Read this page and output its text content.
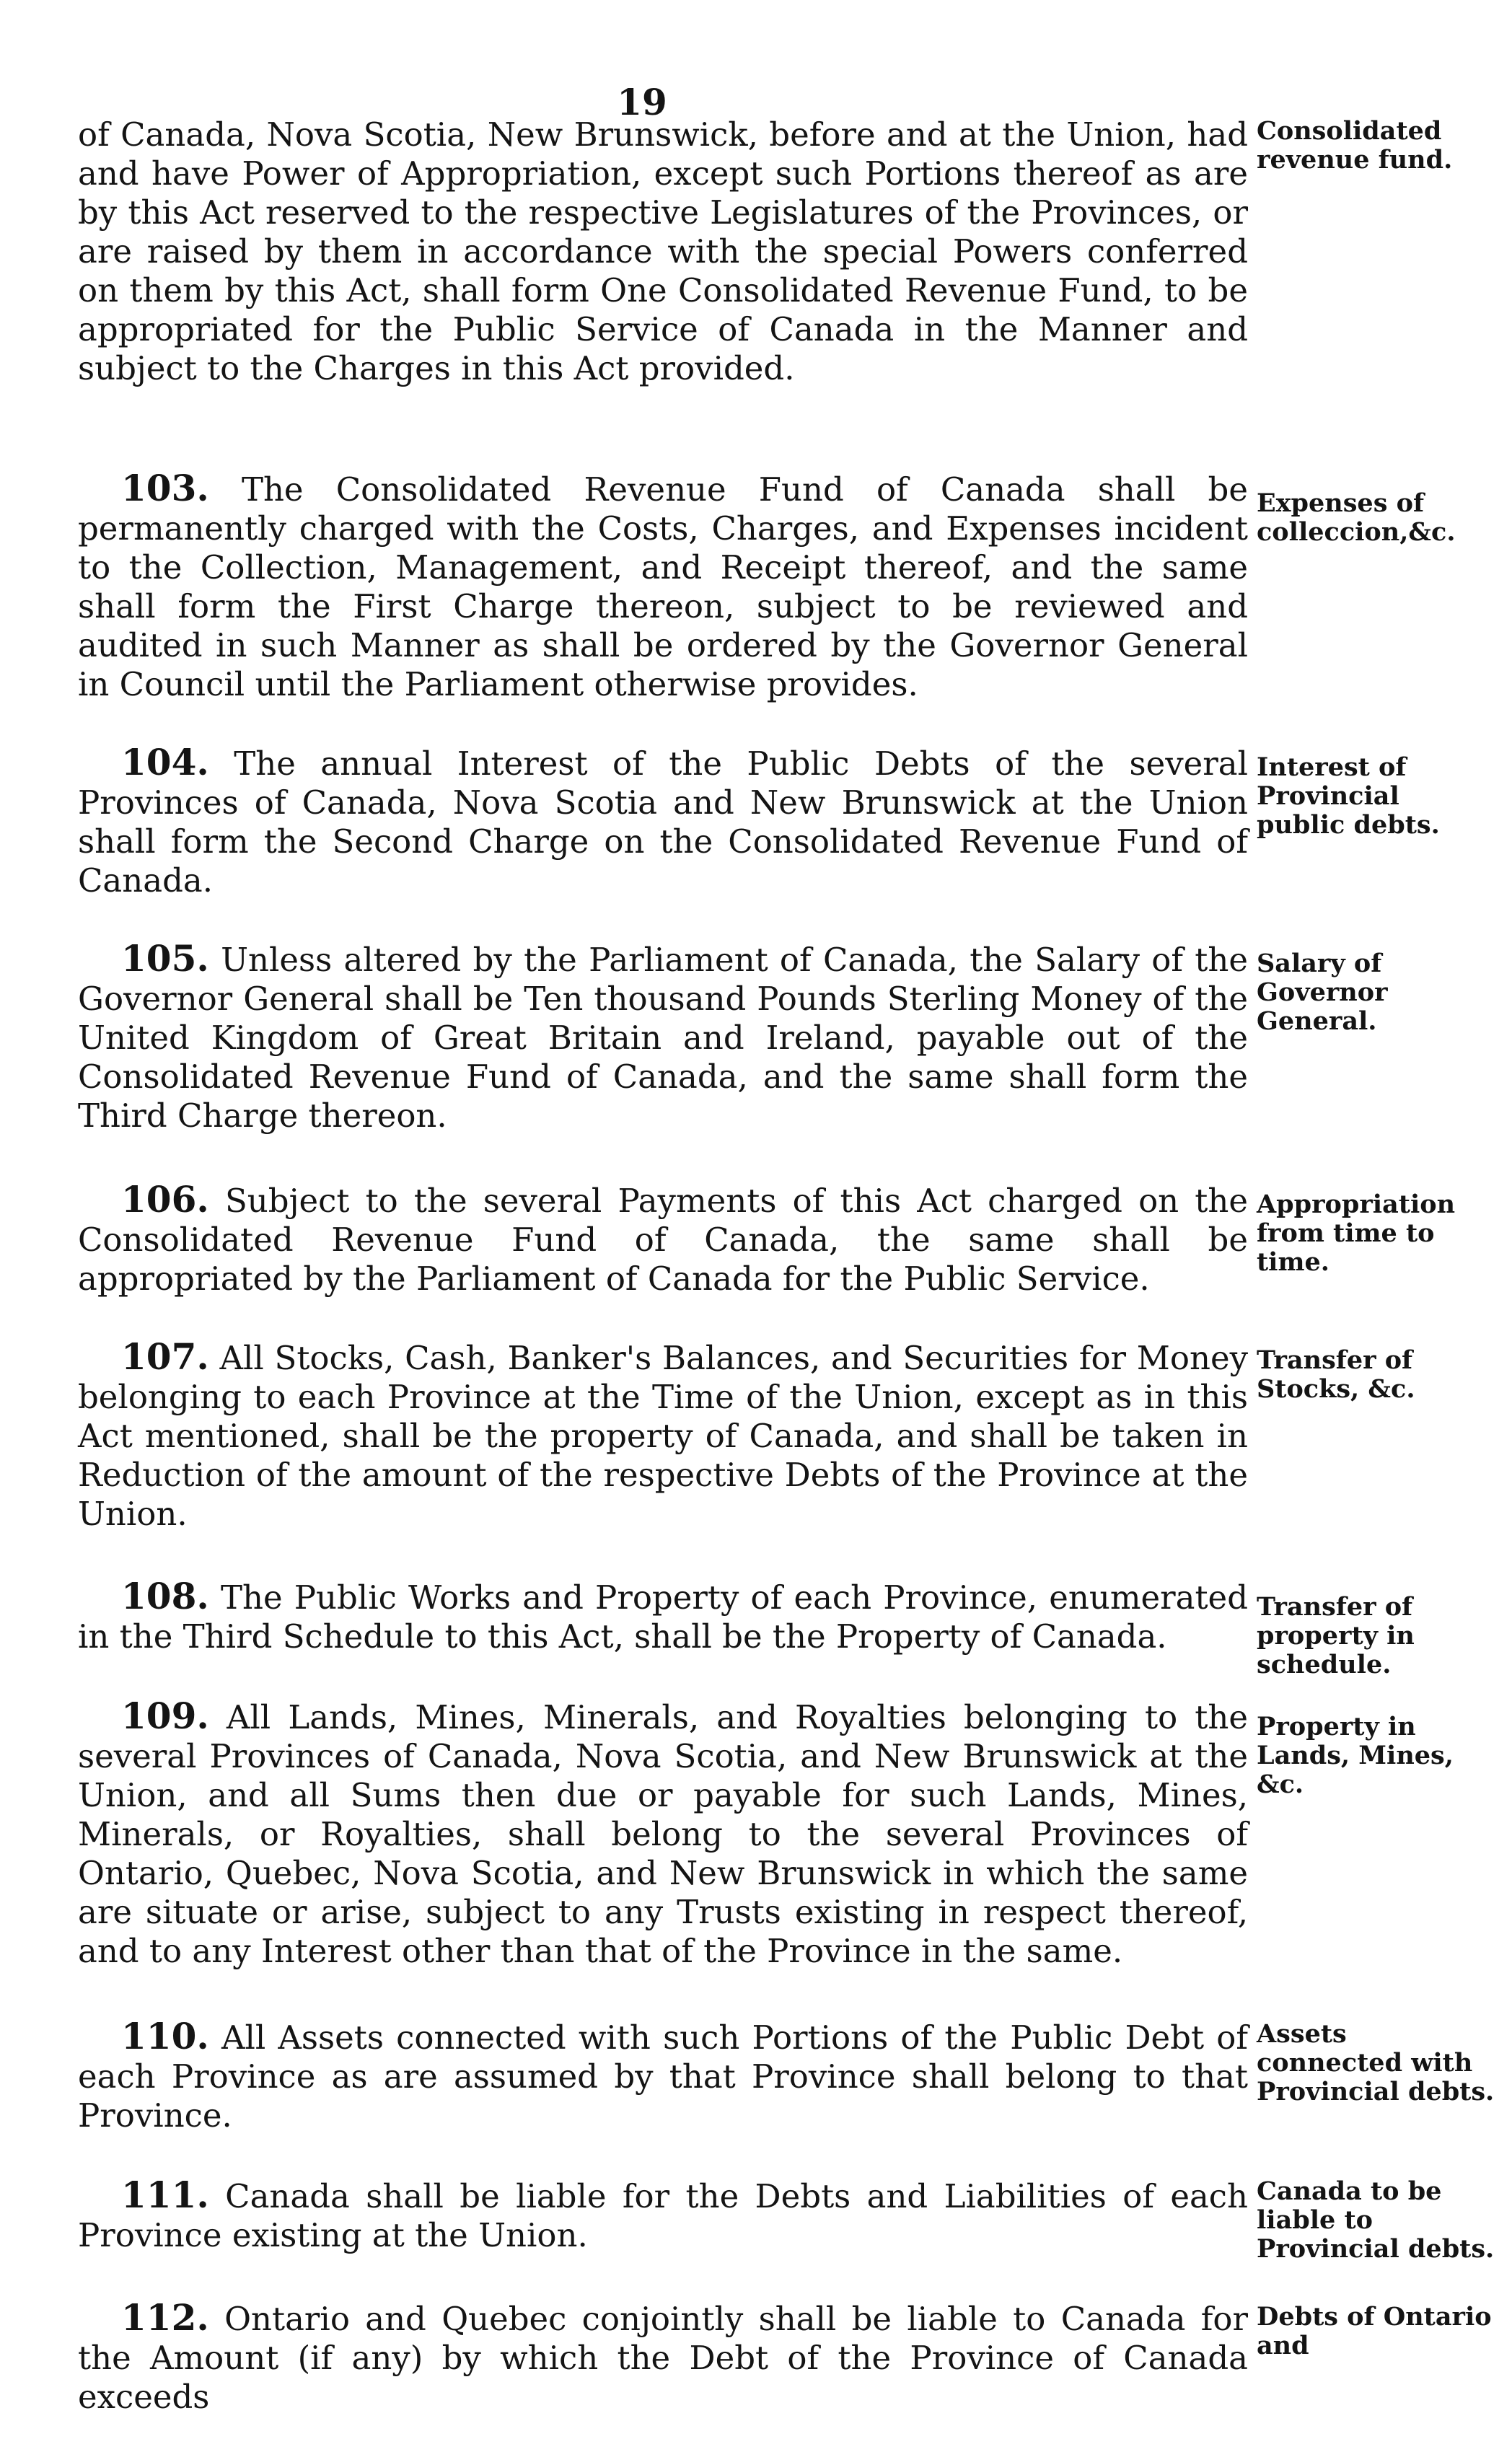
19

of Canada, Nova Scotia, New Brunswick, before and at the Union, had and have Power of Appropriation, except such Portions thereof as are by this Act reserved to the respective Legislatures of the Provinces, or are raised by them in accordance with the special Powers conferred on them by this Act, shall form One Consolidated Revenue Fund, to be appropriated for the Public Service of Canada in the Manner and subject to the Charges in this Act provided.

Consolidated revenue fund.

103. The Consolidated Revenue Fund of Canada shall be permanently charged with the Costs, Charges, and Expenses incident to the Collection, Management, and Receipt thereof, and the same shall form the First Charge thereon, subject to be reviewed and audited in such Manner as shall be ordered by the Governor General in Council until the Parliament otherwise provides.

Expenses of colleccion,&c.

104. The annual Interest of the Public Debts of the several Provinces of Canada, Nova Scotia and New Brunswick at the Union shall form the Second Charge on the Consolidated Revenue Fund of Canada.

Interest of Provincial public debts.

105. Unless altered by the Parliament of Canada, the Salary of the Governor General shall be Ten thousand Pounds Sterling Money of the United Kingdom of Great Britain and Ireland, payable out of the Consolidated Revenue Fund of Canada, and the same shall form the Third Charge thereon.

Salary of Governor General.

106. Subject to the several Payments of this Act charged on the Consolidated Revenue Fund of Canada, the same shall be appropriated by the Parliament of Canada for the Public Service.

Appropriation from time to time.

107. All Stocks, Cash, Banker's Balances, and Securities for Money belonging to each Province at the Time of the Union, except as in this Act mentioned, shall be the property of Canada, and shall be taken in Reduction of the amount of the respective Debts of the Province at the Union.

Transfer of Stocks, &c.

108. The Public Works and Property of each Province, enumerated in the Third Schedule to this Act, shall be the Property of Canada.

Transfer of property in schedule.

109. All Lands, Mines, Minerals, and Royalties belonging to the several Provinces of Canada, Nova Scotia, and New Brunswick at the Union, and all Sums then due or payable for such Lands, Mines, Minerals, or Royalties, shall belong to the several Provinces of Ontario, Quebec, Nova Scotia, and New Brunswick in which the same are situate or arise, subject to any Trusts existing in respect thereof, and to any Interest other than that of the Province in the same.

Property in Lands, Mines, &c.

110. All Assets connected with such Portions of the Public Debt of each Province as are assumed by that Province shall belong to that Province.

Assets connected with Provincial debts.

111. Canada shall be liable for the Debts and Liabilities of each Province existing at the Union.

Canada to be liable to Provincial debts.

112. Ontario and Quebec conjointly shall be liable to Canada for the Amount (if any) by which the Debt of the Province of Canada exceeds

Debts of Ontario and
